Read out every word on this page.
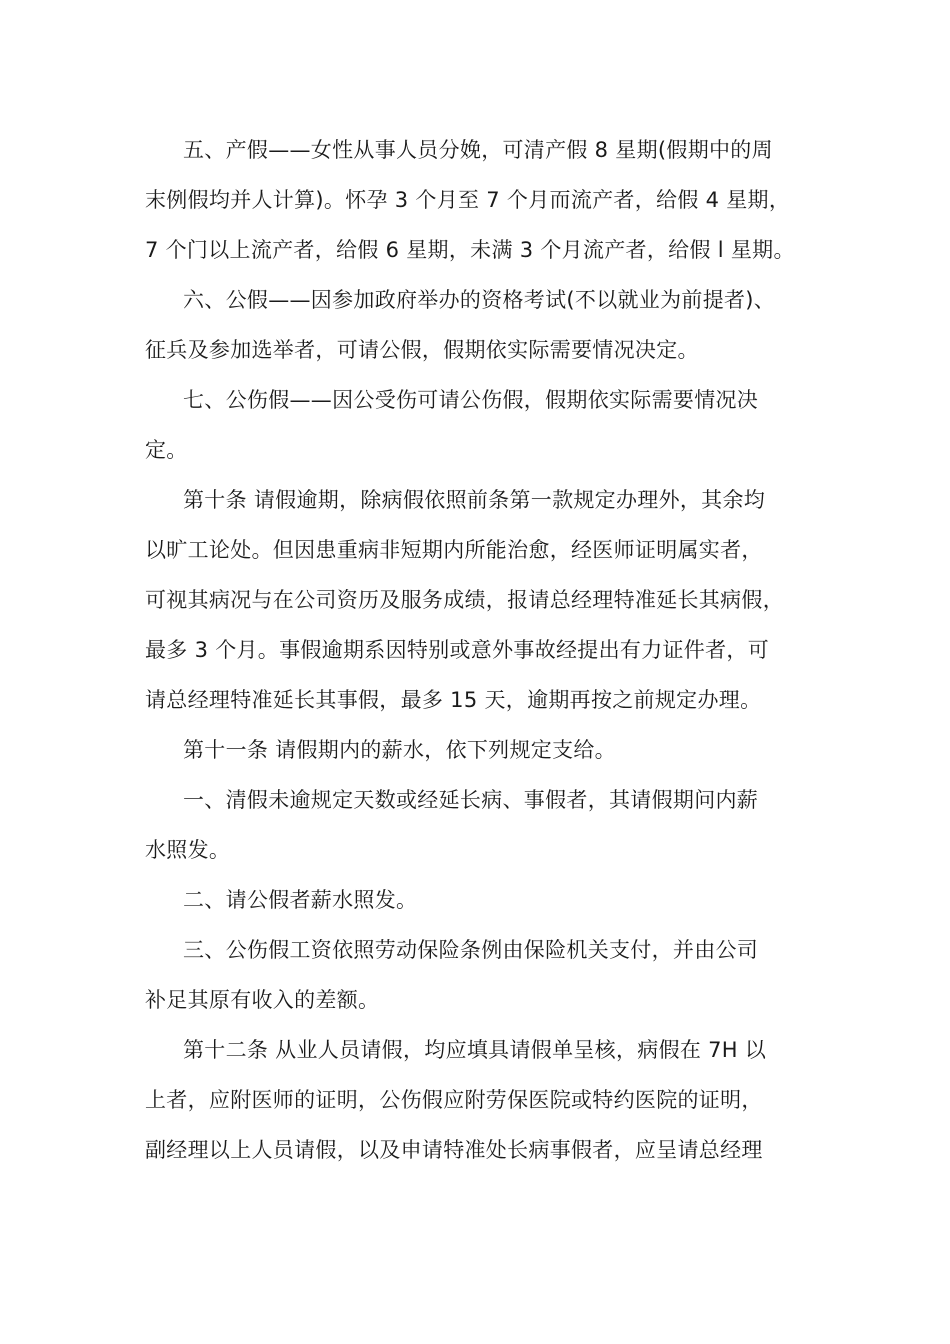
五、产假——女性从事人员分娩，可清产假 8 星期(假期中的周

末例假均并人计算)。怀孕 3 个月至 7 个月而流产者，给假 4 星期，

7 个门以上流产者，给假 6 星期，未满 3 个月流产者，给假 l 星期。

六、公假——因参加政府举办的资格考试(不以就业为前提者)、

征兵及参加选举者，可请公假，假期依实际需要情况决定。

七、公伤假——因公受伤可请公伤假，假期依实际需要情况决

定。

第十条 请假逾期，除病假依照前条第一款规定办理外，其余均

以旷工论处。但因患重病非短期内所能治愈，经医师证明属实者，

可视其病况与在公司资历及服务成绩，报请总经理特准延长其病假，

最多 3 个月。事假逾期系因特别或意外事故经提出有力证件者，可

请总经理特准延长其事假，最多 15 天，逾期再按之前规定办理。

第十一条 请假期内的薪水，依下列规定支给。

一、清假未逾规定天数或经延长病、事假者，其请假期问内薪

水照发。

二、请公假者薪水照发。

三、公伤假工资依照劳动保险条例由保险机关支付，并由公司

补足其原有收入的差额。

第十二条 从业人员请假，均应填具请假单呈核，病假在 7H 以

上者，应附医师的证明，公伤假应附劳保医院或特约医院的证明，

副经理以上人员请假，以及申请特准处长病事假者，应呈请总经理
